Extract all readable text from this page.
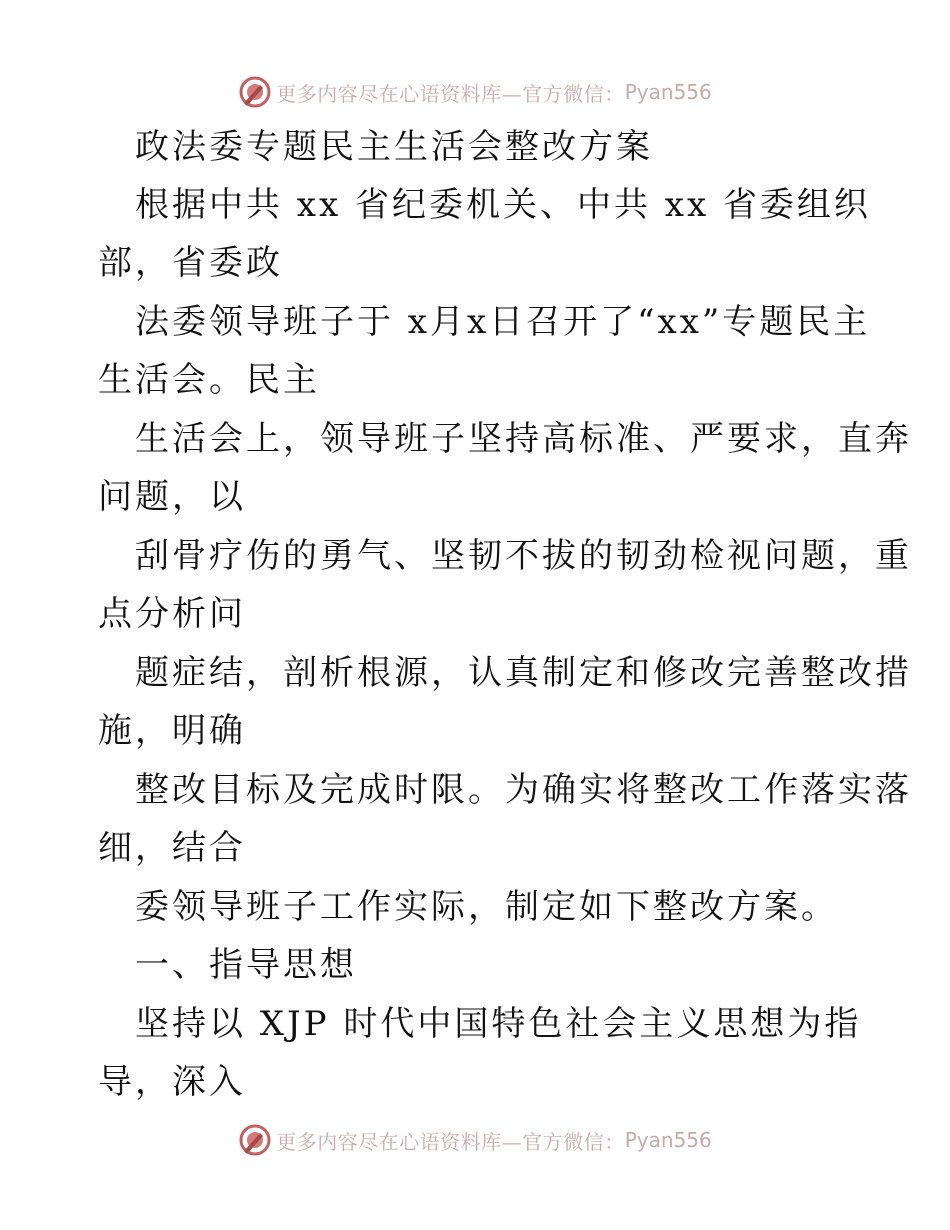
更多内容尽在心语资料库—官方微信： Pyan556
政法委专题民主生活会整改方案
根据中共 xx 省纪委机关、中共 xx 省委组织
部，省委政
法委领导班子于 x月x日召开了“xx”专题民主
生活会。民主
生活会上，领导班子坚持高标准、严要求，直奔
问题，以
刮骨疗伤的勇气、坚韧不拔的韧劲检视问题，重
点分析问
题症结，剖析根源，认真制定和修改完善整改措
施，明确
整改目标及完成时限。为确实将整改工作落实落
细，结合
委领导班子工作实际，制定如下整改方案。
一、指导思想
坚持以 XJP 时代中国特色社会主义思想为指
导，深入
更多内容尽在心语资料库—官方微信： Pyan556
